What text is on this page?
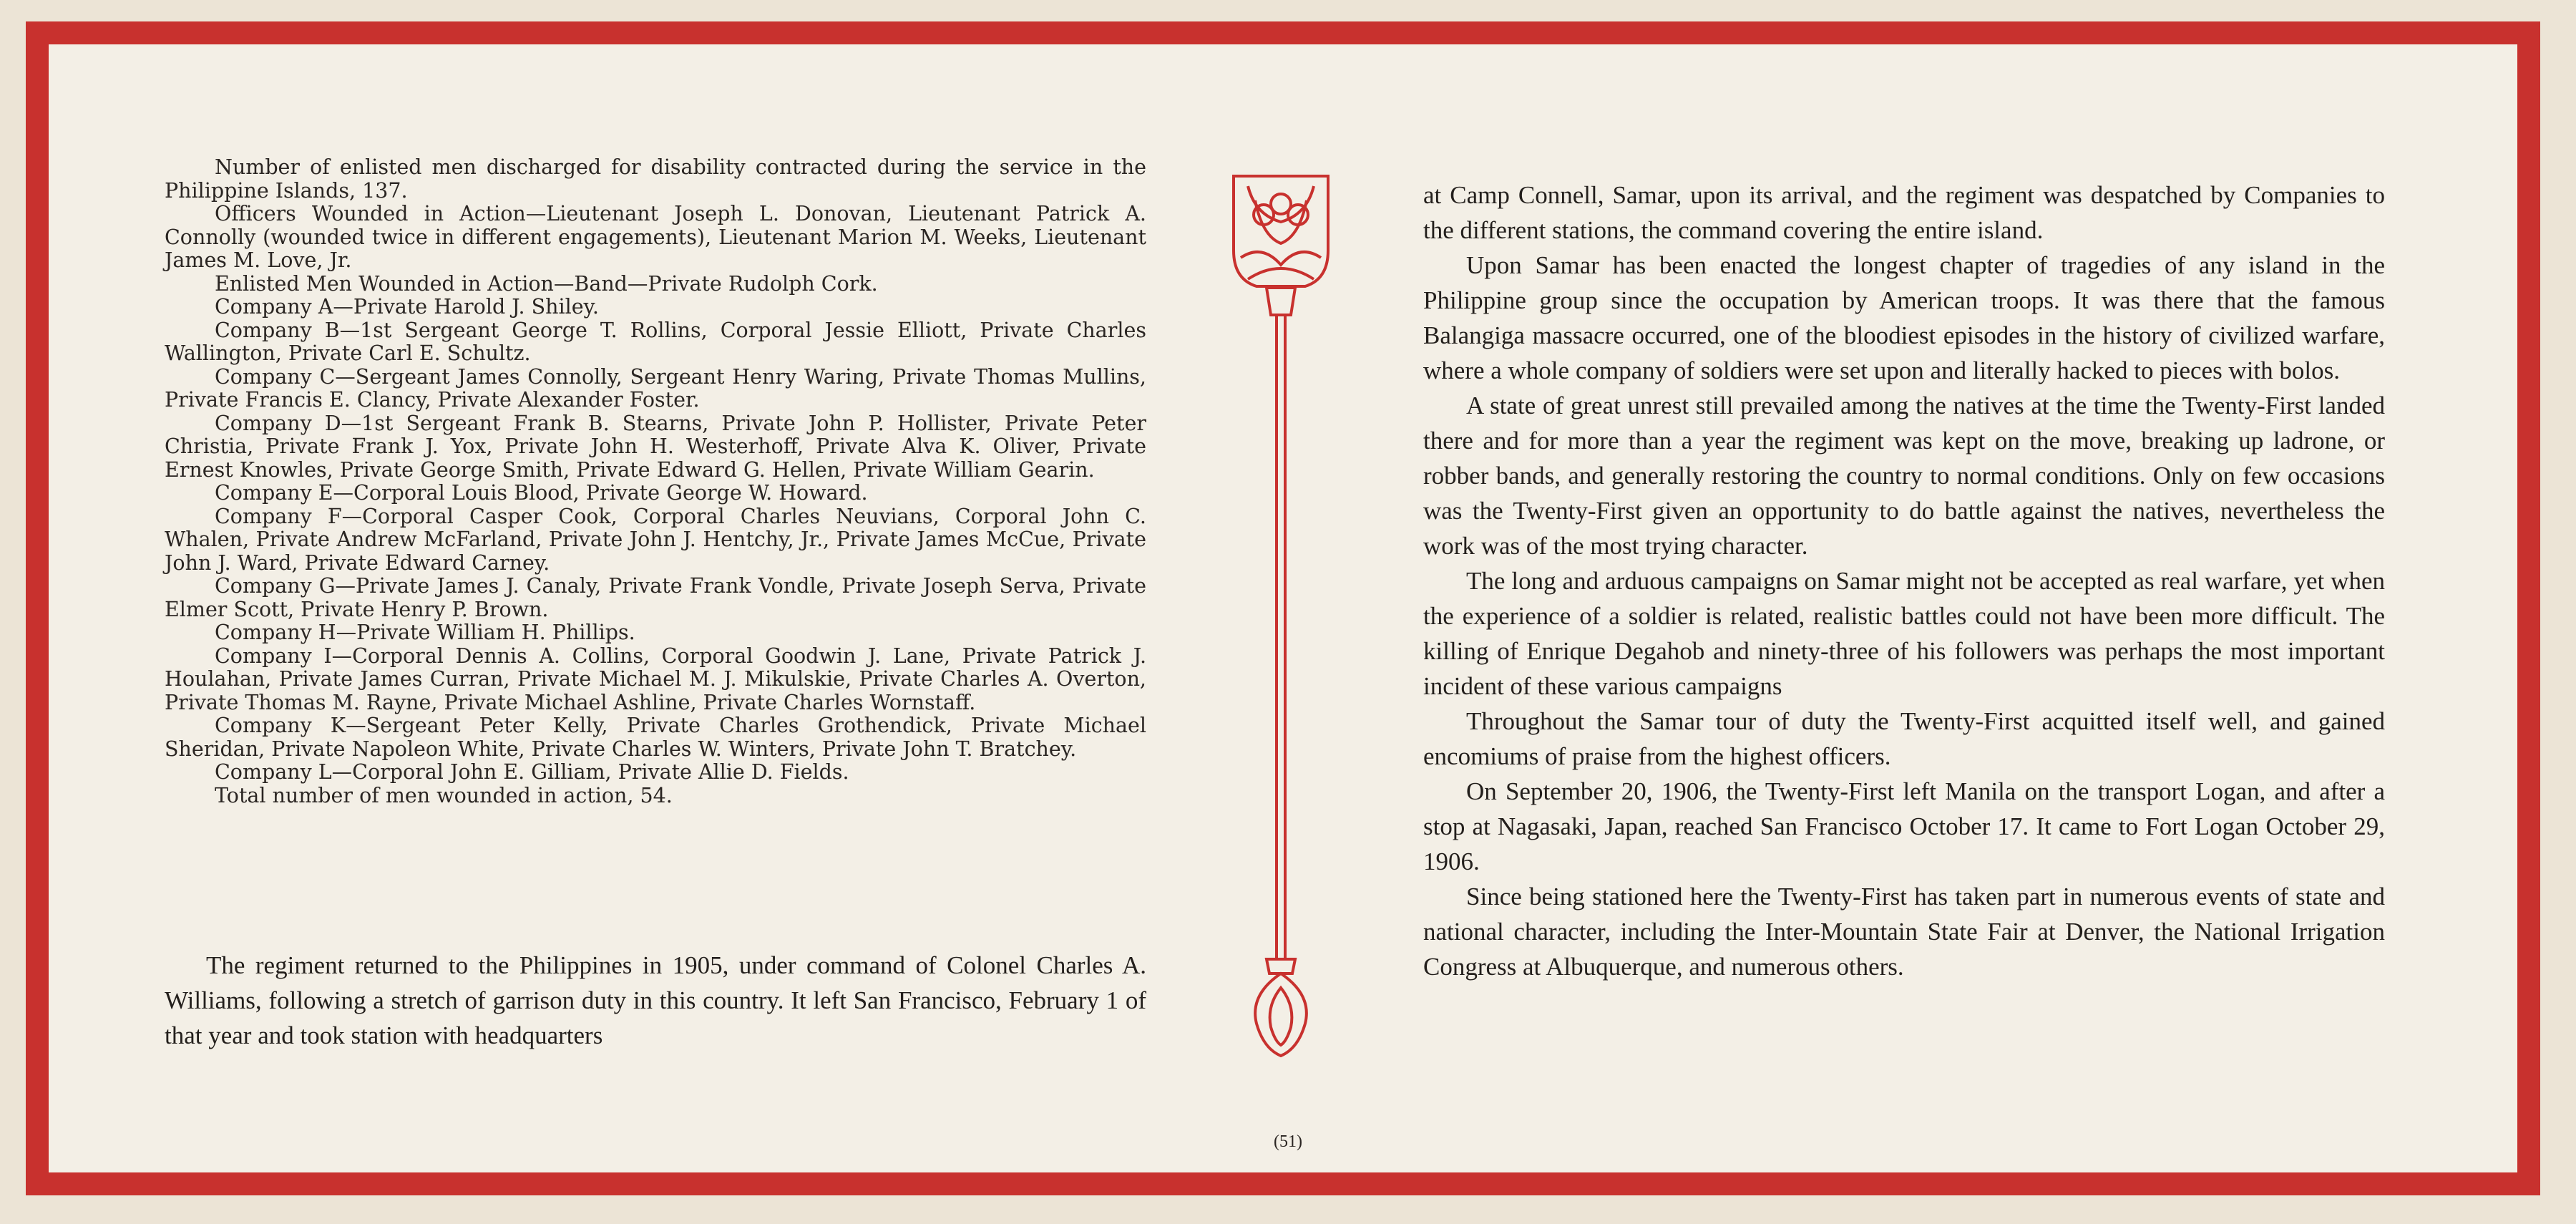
Number of enlisted men discharged for disability contracted during the service in the Philippine Islands, 137.

Officers Wounded in Action—Lieutenant Joseph L. Donovan, Lieutenant Patrick A. Connolly (wounded twice in different engagements), Lieutenant Marion M. Weeks, Lieutenant James M. Love, Jr.

Enlisted Men Wounded in Action—Band—Private Rudolph Cork.

Company A—Private Harold J. Shiley.

Company B—1st Sergeant George T. Rollins, Corporal Jessie Elliott, Private Charles Wallington, Private Carl E. Schultz.

Company C—Sergeant James Connolly, Sergeant Henry Waring, Private Thomas Mullins, Private Francis E. Clancy, Private Alexander Foster.

Company D—1st Sergeant Frank B. Stearns, Private John P. Hollister, Private Peter Christia, Private Frank J. Yox, Private John H. Westerhoff, Private Alva K. Oliver, Private Ernest Knowles, Private George Smith, Private Edward G. Hellen, Private William Gearin.

Company E—Corporal Louis Blood, Private George W. Howard.

Company F—Corporal Casper Cook, Corporal Charles Neuvians, Corporal John C. Whalen, Private Andrew McFarland, Private John J. Hentchy, Jr., Private James McCue, Private John J. Ward, Private Edward Carney.

Company G—Private James J. Canaly, Private Frank Vondle, Private Joseph Serva, Private Elmer Scott, Private Henry P. Brown.

Company H—Private William H. Phillips.

Company I—Corporal Dennis A. Collins, Corporal Goodwin J. Lane, Private Patrick J. Houlahan, Private James Curran, Private Michael M. J. Mikulskie, Private Charles A. Overton, Private Thomas M. Rayne, Private Michael Ashline, Private Charles Wornstaff.

Company K—Sergeant Peter Kelly, Private Charles Grothendick, Private Michael Sheridan, Private Napoleon White, Private Charles W. Winters, Private John T. Bratchey.

Company L—Corporal John E. Gilliam, Private Allie D. Fields.

Total number of men wounded in action, 54.

The regiment returned to the Philippines in 1905, under command of Colonel Charles A. Williams, following a stretch of garrison duty in this country. It left San Francisco, February 1 of that year and took station with headquarters

at Camp Connell, Samar, upon its arrival, and the regiment was despatched by Companies to the different stations, the command covering the entire island.

Upon Samar has been enacted the longest chapter of tragedies of any island in the Philippine group since the occupation by American troops. It was there that the famous Balangiga massacre occurred, one of the bloodiest episodes in the history of civilized warfare, where a whole company of soldiers were set upon and literally hacked to pieces with bolos.

A state of great unrest still prevailed among the natives at the time the Twenty-First landed there and for more than a year the regiment was kept on the move, breaking up ladrone, or robber bands, and generally restoring the country to normal conditions. Only on few occasions was the Twenty-First given an opportunity to do battle against the natives, nevertheless the work was of the most trying character.

The long and arduous campaigns on Samar might not be accepted as real warfare, yet when the experience of a soldier is related, realistic battles could not have been more difficult. The killing of Enrique Degahob and ninety-three of his followers was perhaps the most important incident of these various campaigns

Throughout the Samar tour of duty the Twenty-First acquitted itself well, and gained encomiums of praise from the highest officers.

On September 20, 1906, the Twenty-First left Manila on the transport Logan, and after a stop at Nagasaki, Japan, reached San Francisco October 17. It came to Fort Logan October 29, 1906.

Since being stationed here the Twenty-First has taken part in numerous events of state and national character, including the Inter-Mountain State Fair at Denver, the National Irrigation Congress at Albuquerque, and numerous others.

(51)
